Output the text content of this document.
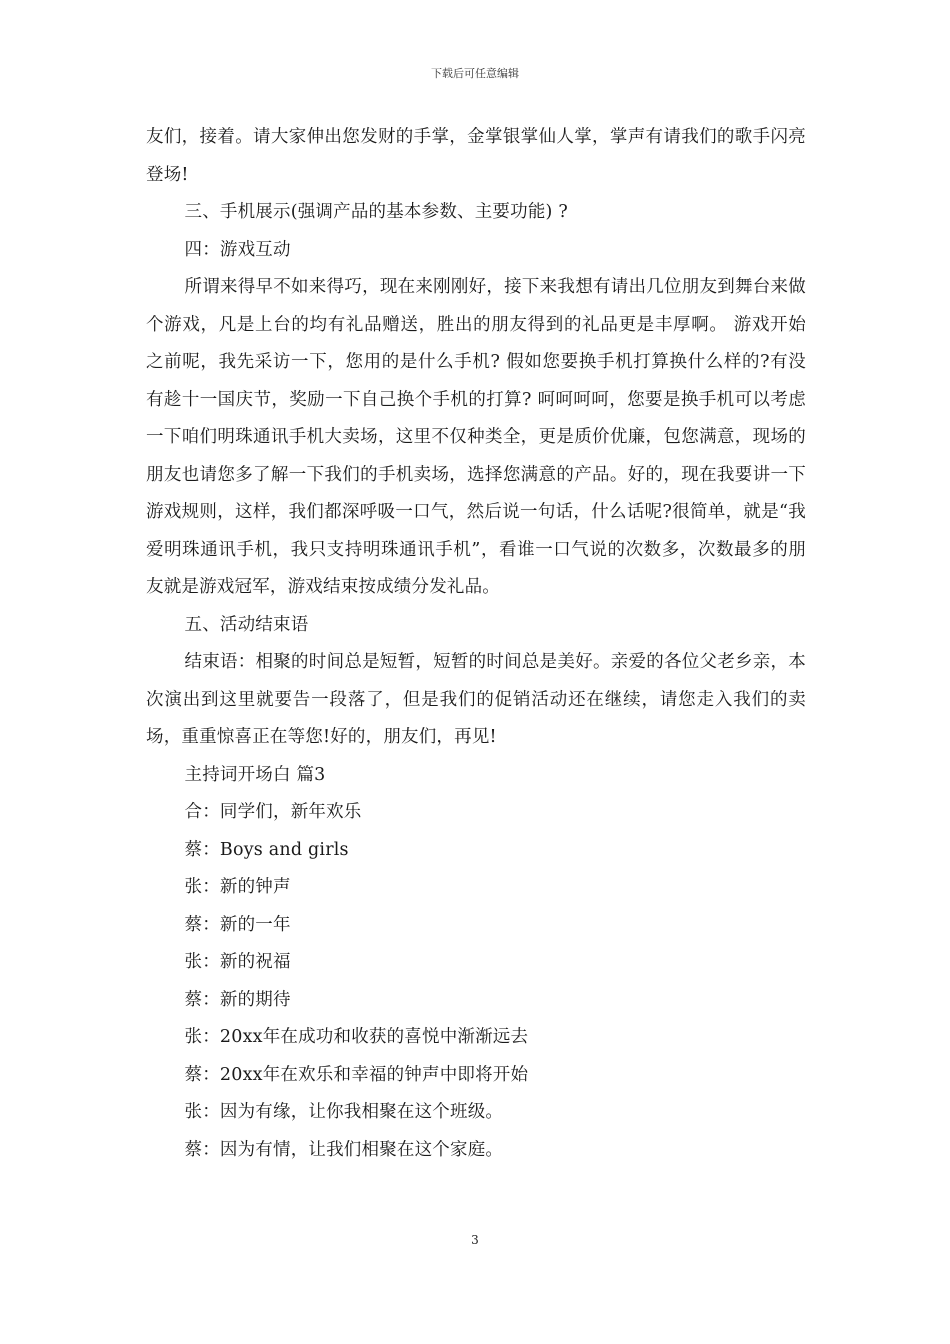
下载后可任意编辑

友们，接着。请大家伸出您发财的手掌，金掌银掌仙人掌，掌声有请我们的歌手闪亮登场!

三、手机展示(强调产品的基本参数、主要功能) ?

四：游戏互动

所谓来得早不如来得巧，现在来刚刚好，接下来我想有请出几位朋友到舞台来做个游戏，凡是上台的均有礼品赠送，胜出的朋友得到的礼品更是丰厚啊。 游戏开始之前呢，我先采访一下，您用的是什么手机? 假如您要换手机打算换什么样的?有没有趁十一国庆节，奖励一下自己换个手机的打算? 呵呵呵呵，您要是换手机可以考虑一下咱们明珠通讯手机大卖场，这里不仅种类全，更是质价优廉，包您满意，现场的朋友也请您多了解一下我们的手机卖场，选择您满意的产品。好的，现在我要讲一下游戏规则，这样，我们都深呼吸一口气，然后说一句话，什么话呢?很简单，就是“我爱明珠通讯手机，我只支持明珠通讯手机”，看谁一口气说的次数多，次数最多的朋友就是游戏冠军，游戏结束按成绩分发礼品。

五、活动结束语

结束语：相聚的时间总是短暂，短暂的时间总是美好。亲爱的各位父老乡亲，本次演出到这里就要告一段落了，但是我们的促销活动还在继续，请您走入我们的卖场，重重惊喜正在等您!好的，朋友们，再见!

主持词开场白 篇3

合：同学们，新年欢乐

蔡：Boys and girls

张：新的钟声

蔡：新的一年

张：新的祝福

蔡：新的期待

张：20xx年在成功和收获的喜悦中渐渐远去

蔡：20xx年在欢乐和幸福的钟声中即将开始

张：因为有缘，让你我相聚在这个班级。

蔡：因为有情，让我们相聚在这个家庭。

3
